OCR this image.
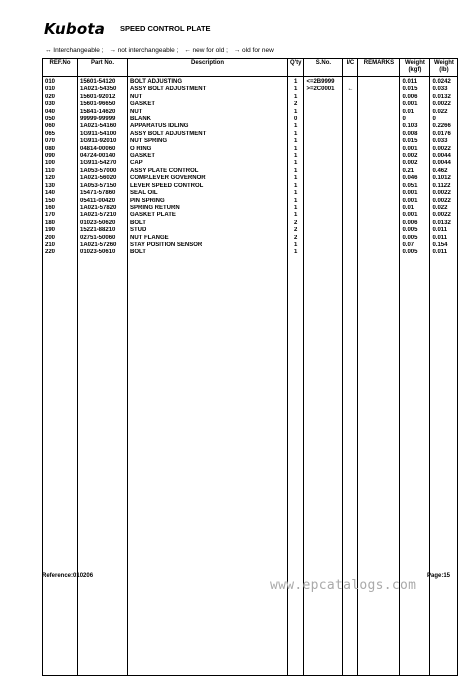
Kubota SPEED CONTROL PLATE
↔ Interchangeable ; → not interchangeable ; ← new for old ; → old for new
REF.No	Part No.	Description	Q'ty	S.No.	I/C	REMARKS	Weight (kgf)	Weight (lb)

010	15601-54120	BOLT ADJUSTING	1	<=2B9999			0.011	0.0242
010	1A021-54350	ASSY BOLT ADJUSTMENT	1	>=2C0001	←		0.015	0.033
020	15601-92012	NUT	1				0.006	0.0132
030	15601-96650	GASKET	2				0.001	0.0022
040	15841-14620	NUT	1				0.01	0.022
050	99999-99999	BLANK	0				0	0
060	1A021-54160	APPARATUS IDLING	1				0.103	0.2266
065	1G911-54100	ASSY BOLT ADJUSTMENT	1				0.008	0.0176
070	1G911-92010	NUT SPRING	1				0.015	0.033
080	04814-00060	O RING	1				0.001	0.0022
090	04724-00140	GASKET	1				0.002	0.0044
100	1G911-54270	CAP	1				0.002	0.0044
110	1A053-57000	ASSY PLATE CONTROL	1				0.21	0.462
120	1A021-56020	COMP.LEVER GOVERNOR	1				0.046	0.1012
130	1A053-57150	LEVER SPEED CONTROL	1				0.051	0.1122
140	15471-57860	SEAL OIL	1				0.001	0.0022
150	05411-00420	PIN SPRING	1				0.001	0.0022
160	1A021-57820	SPRING RETURN	1				0.01	0.022
170	1A021-57210	GASKET PLATE	1				0.001	0.0022
180	01023-50620	BOLT	2				0.006	0.0132
190	15221-88210	STUD	2				0.005	0.011
200	02751-50060	NUT FLANGE	2				0.005	0.011
210	1A021-57260	STAY POSITION SENSOR	1				0.07	0.154
220	01023-50610	BOLT	1				0.005	0.011

Reference:010206	Page:15
www.epcatalogs.com
